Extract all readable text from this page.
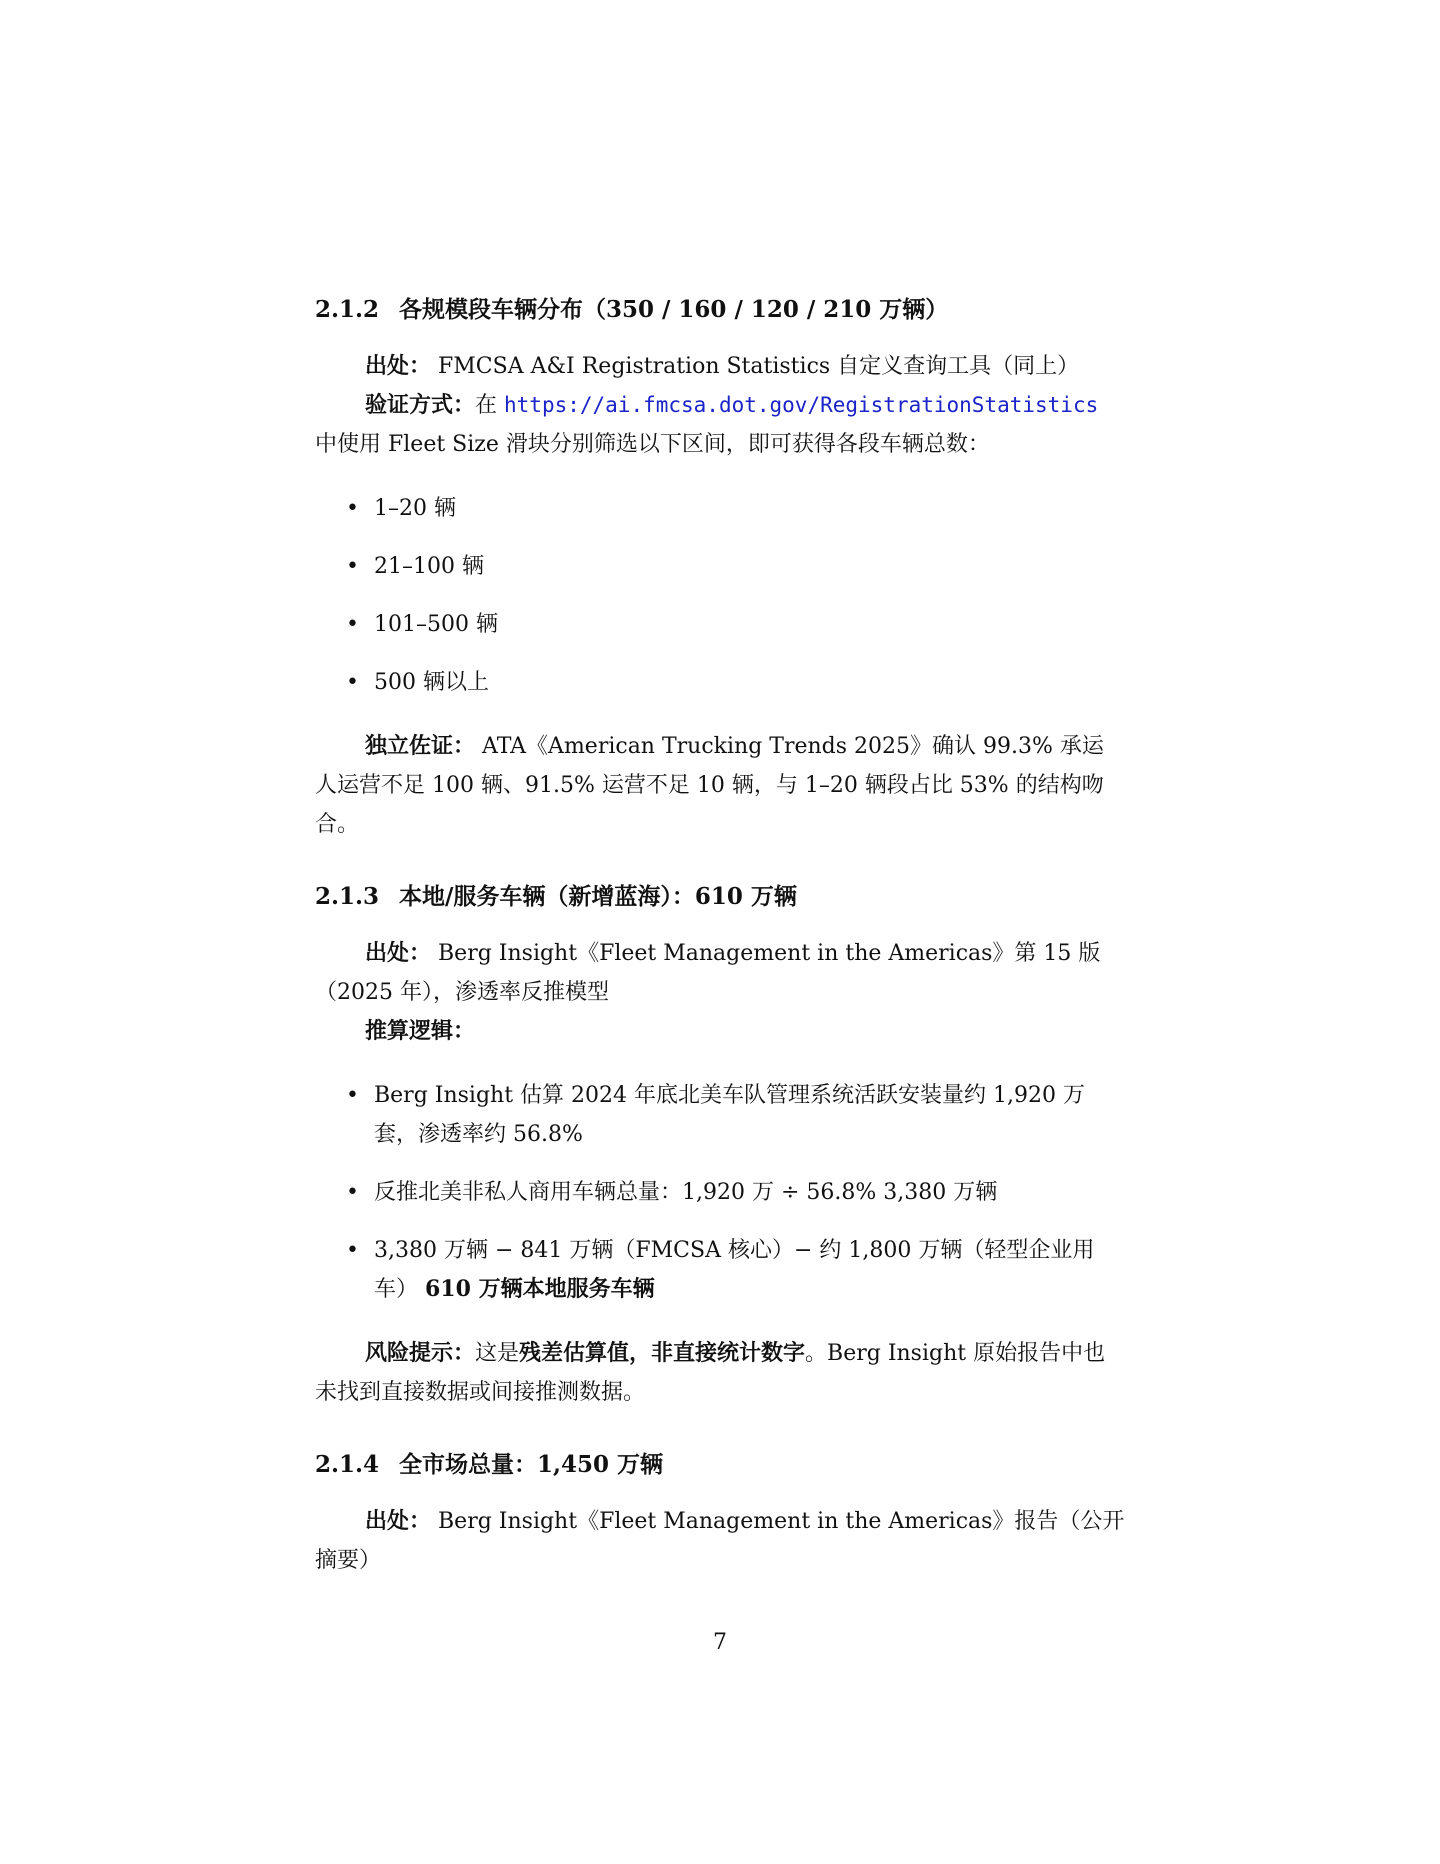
2.1.2 各规模段车辆分布（350 / 160 / 120 / 210 万辆）

出处： FMCSA A&I Registration Statistics 自定义查询工具（同上）

验证方式：在 https://ai.fmcsa.dot.gov/RegistrationStatistics
中使用 Fleet Size 滑块分别筛选以下区间，即可获得各段车辆总数：

• 1–20 辆
• 21–100 辆
• 101–500 辆
• 500 辆以上

独立佐证： ATA《American Trucking Trends 2025》确认 99.3% 承运人运营不足 100 辆、91.5% 运营不足 10 辆，与 1–20 辆段占比 53% 的结构吻合。

2.1.3 本地/服务车辆（新增蓝海）：610 万辆

出处： Berg Insight《Fleet Management in the Americas》第 15 版（2025 年），渗透率反推模型

推算逻辑：

• Berg Insight 估算 2024 年底北美车队管理系统活跃安装量约 1,920 万套，渗透率约 56.8%
• 反推北美非私人商用车辆总量：1,920 万 ÷ 56.8% 3,380 万辆
• 3,380 万辆 − 841 万辆（FMCSA 核心）− 约 1,800 万辆（轻型企业用车） 610 万辆本地服务车辆

风险提示：这是残差估算值，非直接统计数字。Berg Insight 原始报告中也未找到直接数据或间接推测数据。

2.1.4 全市场总量：1,450 万辆

出处： Berg Insight《Fleet Management in the Americas》报告（公开摘要）

7
